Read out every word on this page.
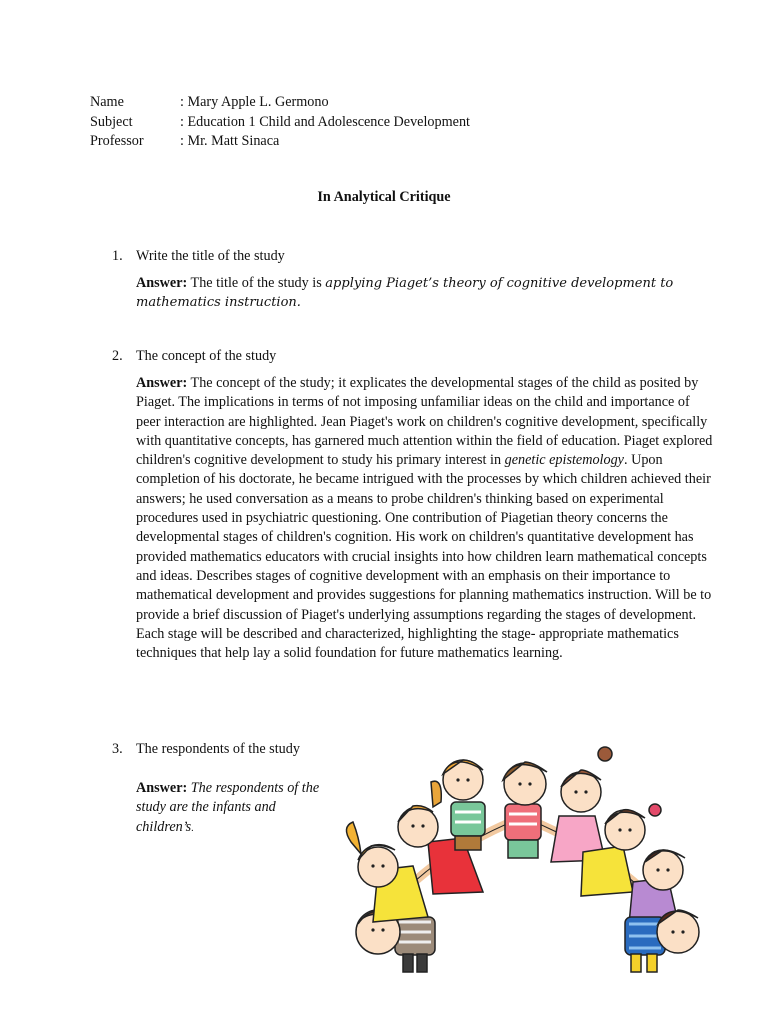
Name	: Mary Apple L. Germono
Subject	: Education 1 Child and Adolescence Development
Professor	: Mr. Matt Sinaca
In Analytical Critique
1. Write the title of the study
Answer: The title of the study is applying Piaget’s theory of cognitive development to mathematics instruction.
2. The concept of the study
Answer: The concept of the study; it explicates the developmental stages of the child as posited by Piaget. The implications in terms of not imposing unfamiliar ideas on the child and importance of peer interaction are highlighted. Jean Piaget's work on children's cognitive development, specifically with quantitative concepts, has garnered much attention within the field of education. Piaget explored children's cognitive development to study his primary interest in genetic epistemology. Upon completion of his doctorate, he became intrigued with the processes by which children achieved their answers; he used conversation as a means to probe children's thinking based on experimental procedures used in psychiatric questioning. One contribution of Piagetian theory concerns the developmental stages of children's cognition. His work on children's quantitative development has provided mathematics educators with crucial insights into how children learn mathematical concepts and ideas. Describes stages of cognitive development with an emphasis on their importance to mathematical development and provides suggestions for planning mathematics instruction. Will be to provide a brief discussion of Piaget's underlying assumptions regarding the stages of development. Each stage will be described and characterized, highlighting the stage- appropriate mathematics techniques that help lay a solid foundation for future mathematics learning.
3. The respondents of the study
Answer: The respondents of the study are the infants and children’s.
